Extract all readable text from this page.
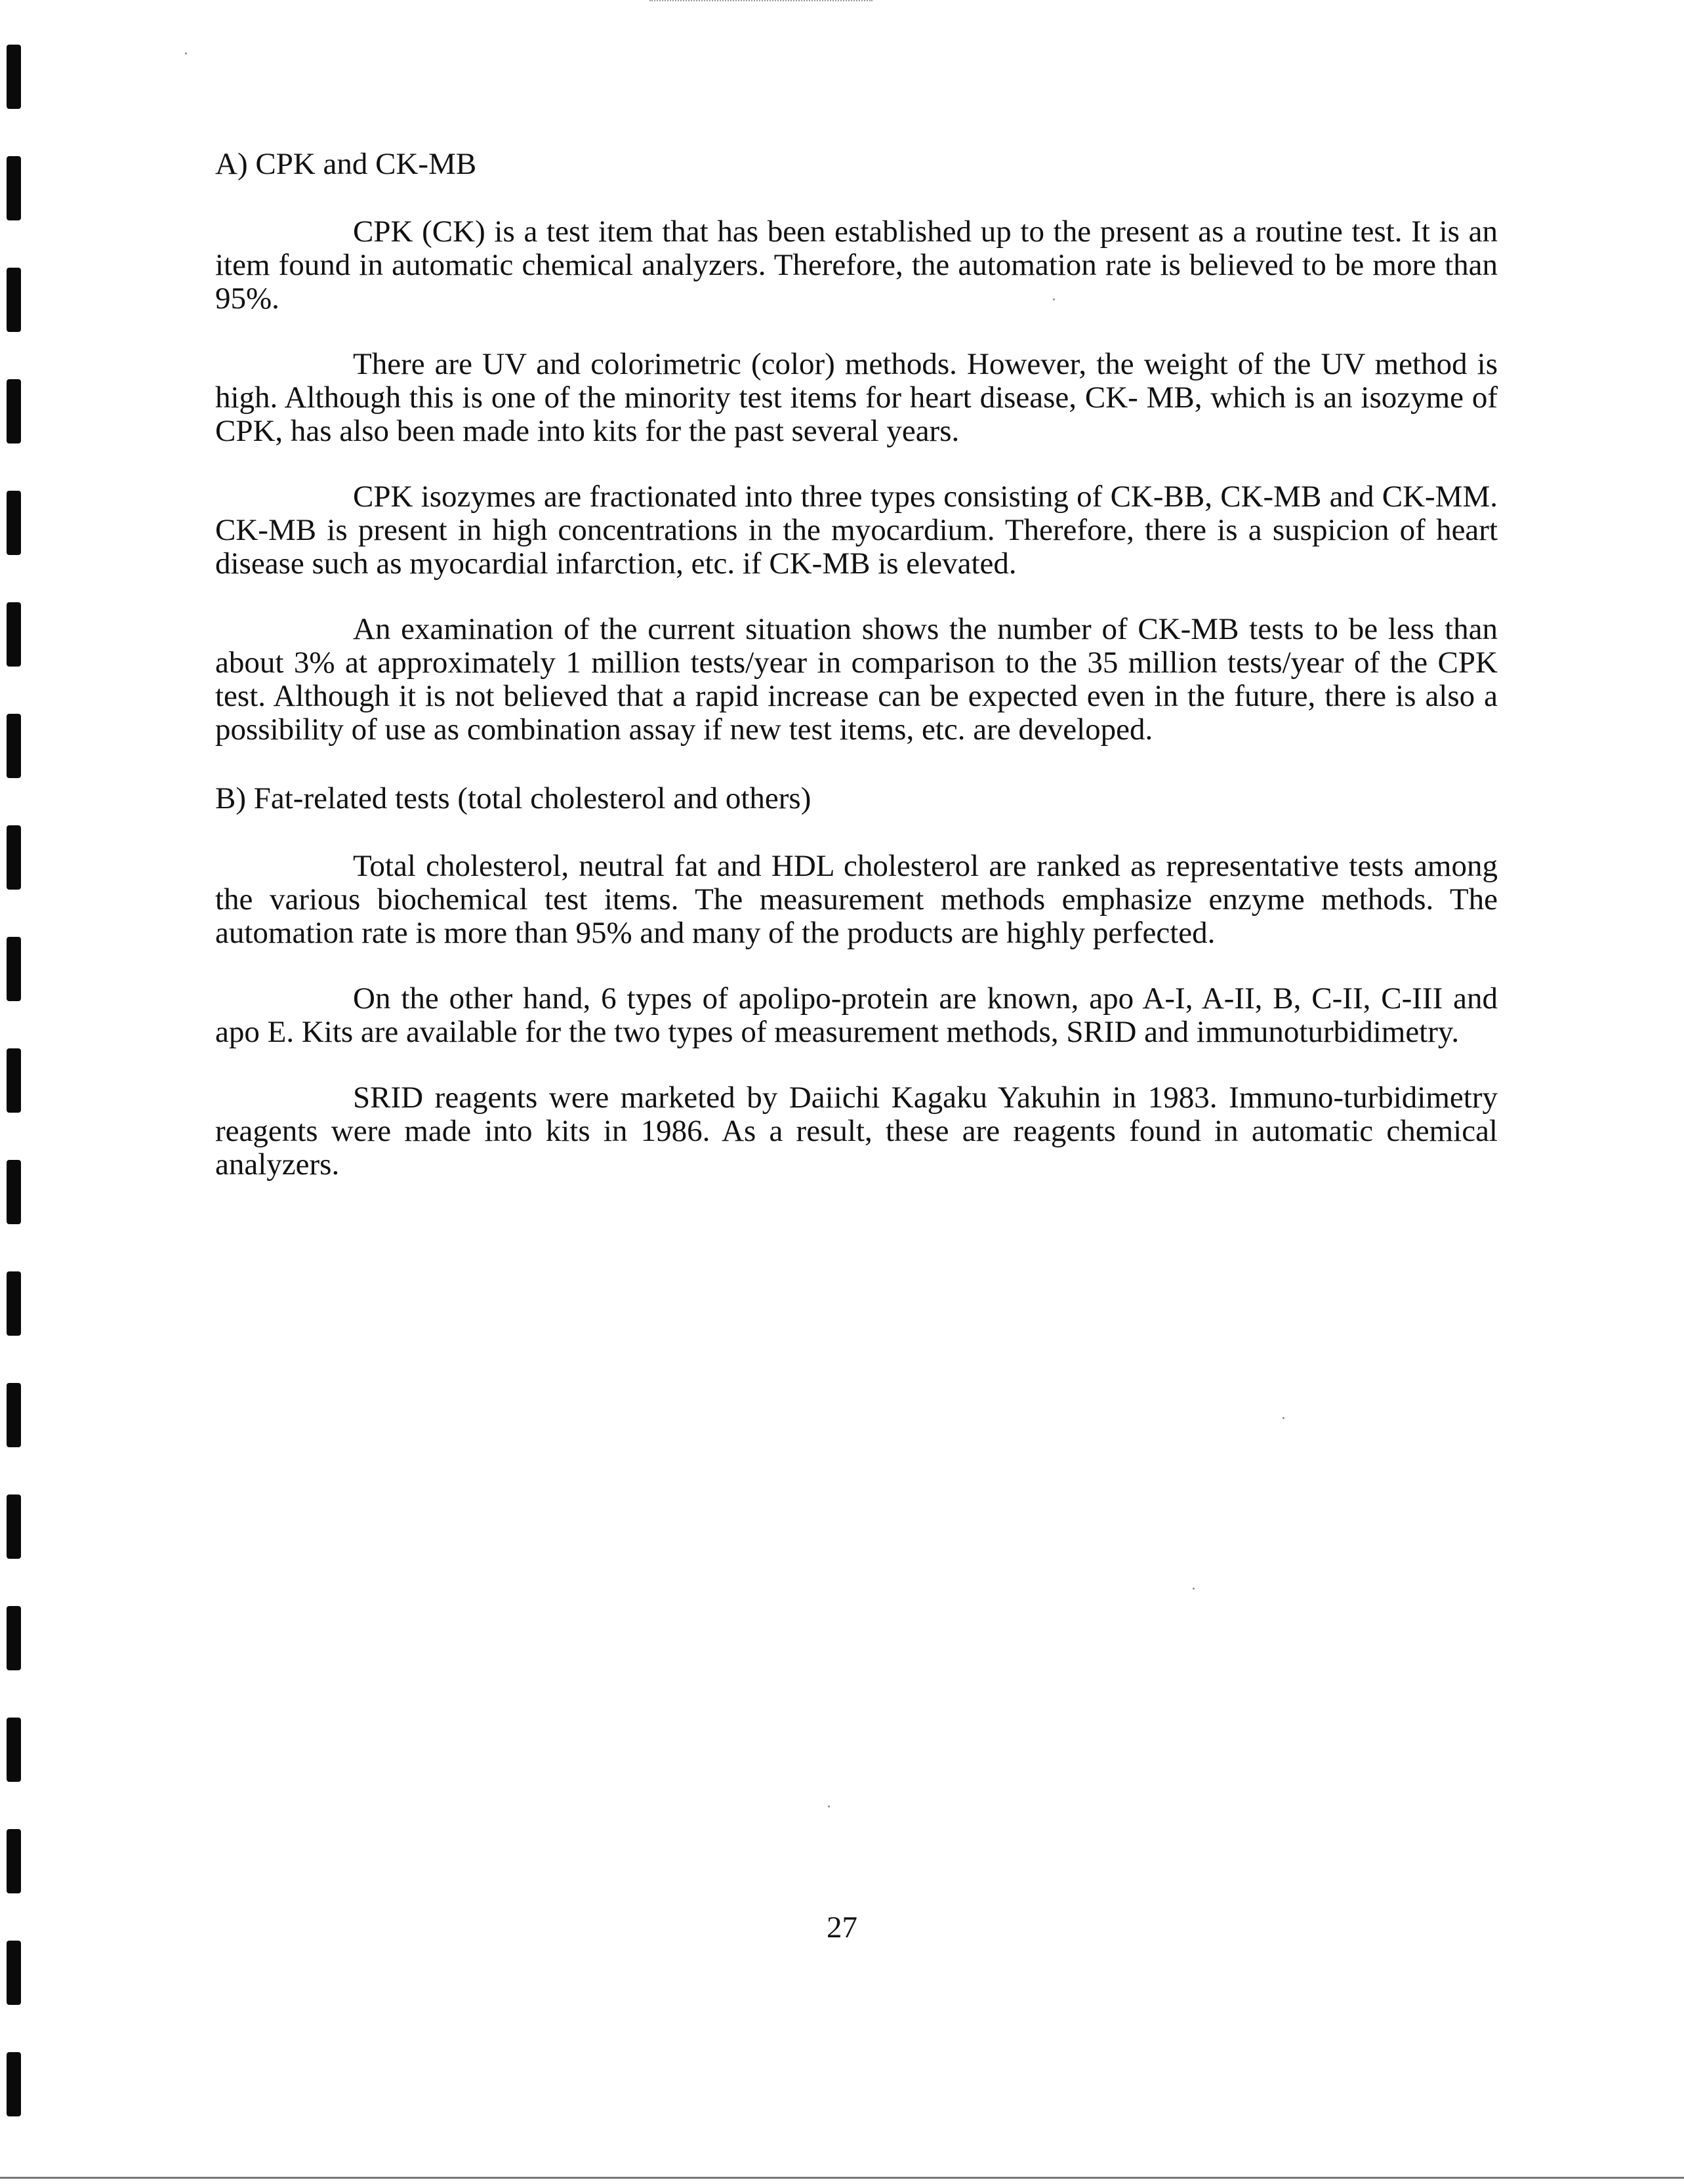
A) CPK and CK-MB

CPK (CK) is a test item that has been established up to the present as a routine test. It is an item found in automatic chemical analyzers. Therefore, the automation rate is believed to be more than 95%.

There are UV and colorimetric (color) methods. However, the weight of the UV method is high. Although this is one of the minority test items for heart disease, CK- MB, which is an isozyme of CPK, has also been made into kits for the past several years.

CPK isozymes are fractionated into three types consisting of CK-BB, CK-MB and CK-MM. CK-MB is present in high concentrations in the myocardium. Therefore, there is a suspicion of heart disease such as myocardial infarction, etc. if CK-MB is elevated.

An examination of the current situation shows the number of CK-MB tests to be less than about 3% at approximately 1 million tests/year in comparison to the 35 million tests/year of the CPK test. Although it is not believed that a rapid increase can be expected even in the future, there is also a possibility of use as combination assay if new test items, etc. are developed.

B) Fat-related tests (total cholesterol and others)

Total cholesterol, neutral fat and HDL cholesterol are ranked as representative tests among the various biochemical test items. The measurement methods emphasize enzyme methods. The automation rate is more than 95% and many of the products are highly perfected.

On the other hand, 6 types of apolipo-protein are known, apo A-I, A-II, B, C-II, C-III and apo E. Kits are available for the two types of measurement methods, SRID and immunoturbidimetry.

SRID reagents were marketed by Daiichi Kagaku Yakuhin in 1983. Immuno-turbidimetry reagents were made into kits in 1986. As a result, these are reagents found in automatic chemical analyzers.

27
